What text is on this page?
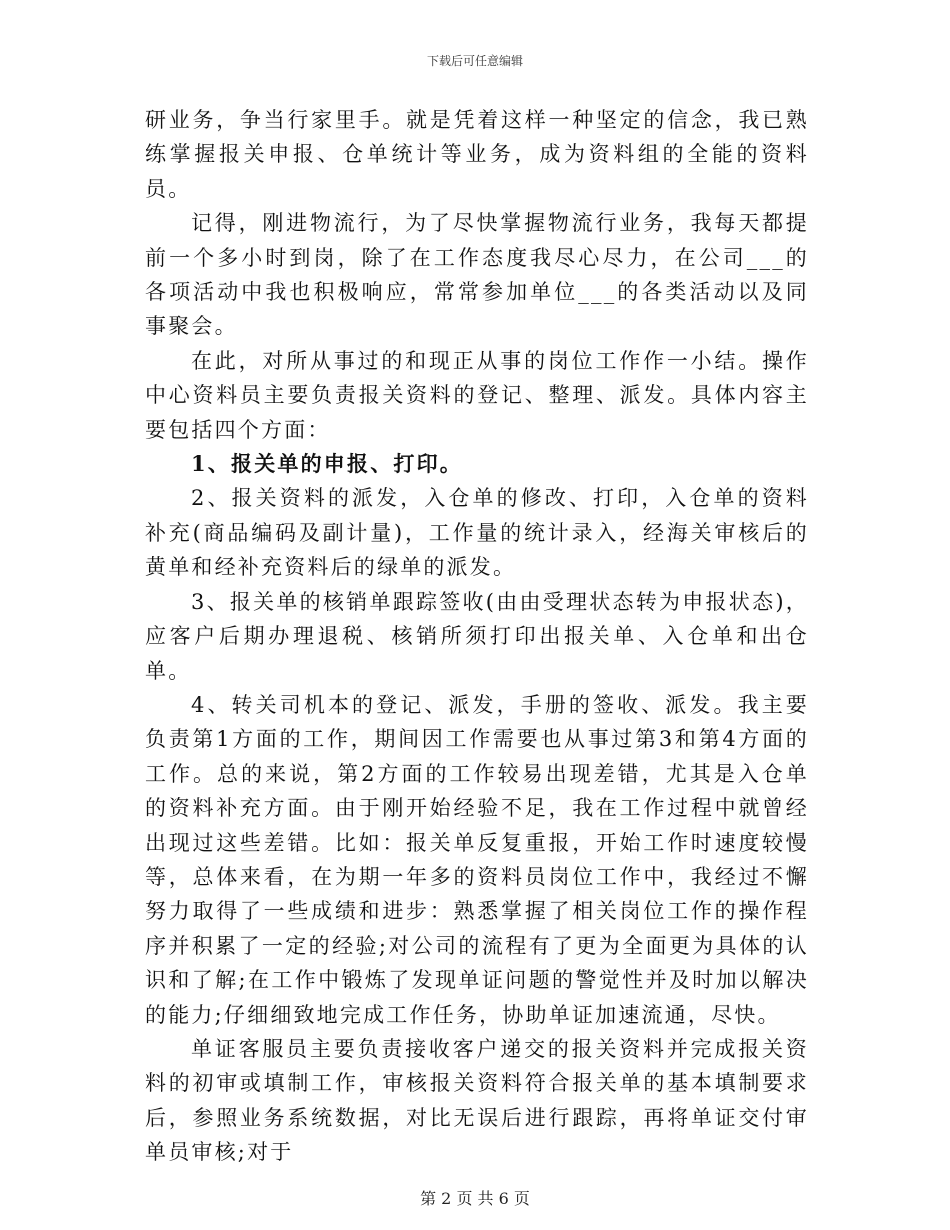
下载后可任意编辑

研业务，争当行家里手。就是凭着这样一种坚定的信念，我已熟练掌握报关申报、仓单统计等业务，成为资料组的全能的资料员。

记得，刚进物流行，为了尽快掌握物流行业务，我每天都提前一个多小时到岗，除了在工作态度我尽心尽力，在公司___的各项活动中我也积极响应，常常参加单位___的各类活动以及同事聚会。

在此，对所从事过的和现正从事的岗位工作作一小结。操作中心资料员主要负责报关资料的登记、整理、派发。具体内容主要包括四个方面：

1、报关单的申报、打印。

2、报关资料的派发，入仓单的修改、打印，入仓单的资料补充(商品编码及副计量)，工作量的统计录入，经海关审核后的黄单和经补充资料后的绿单的派发。

3、报关单的核销单跟踪签收(由由受理状态转为申报状态)，应客户后期办理退税、核销所须打印出报关单、入仓单和出仓单。

4、转关司机本的登记、派发，手册的签收、派发。我主要负责第1方面的工作，期间因工作需要也从事过第3和第4方面的工作。总的来说，第2方面的工作较易出现差错，尤其是入仓单的资料补充方面。由于刚开始经验不足，我在工作过程中就曾经出现过这些差错。比如：报关单反复重报，开始工作时速度较慢等，总体来看，在为期一年多的资料员岗位工作中，我经过不懈努力取得了一些成绩和进步：熟悉掌握了相关岗位工作的操作程序并积累了一定的经验;对公司的流程有了更为全面更为具体的认识和了解;在工作中锻炼了发现单证问题的警觉性并及时加以解决的能力;仔细细致地完成工作任务，协助单证加速流通，尽快。

单证客服员主要负责接收客户递交的报关资料并完成报关资料的初审或填制工作，审核报关资料符合报关单的基本填制要求后，参照业务系统数据，对比无误后进行跟踪，再将单证交付审单员审核;对于

第 2 页 共 6 页
